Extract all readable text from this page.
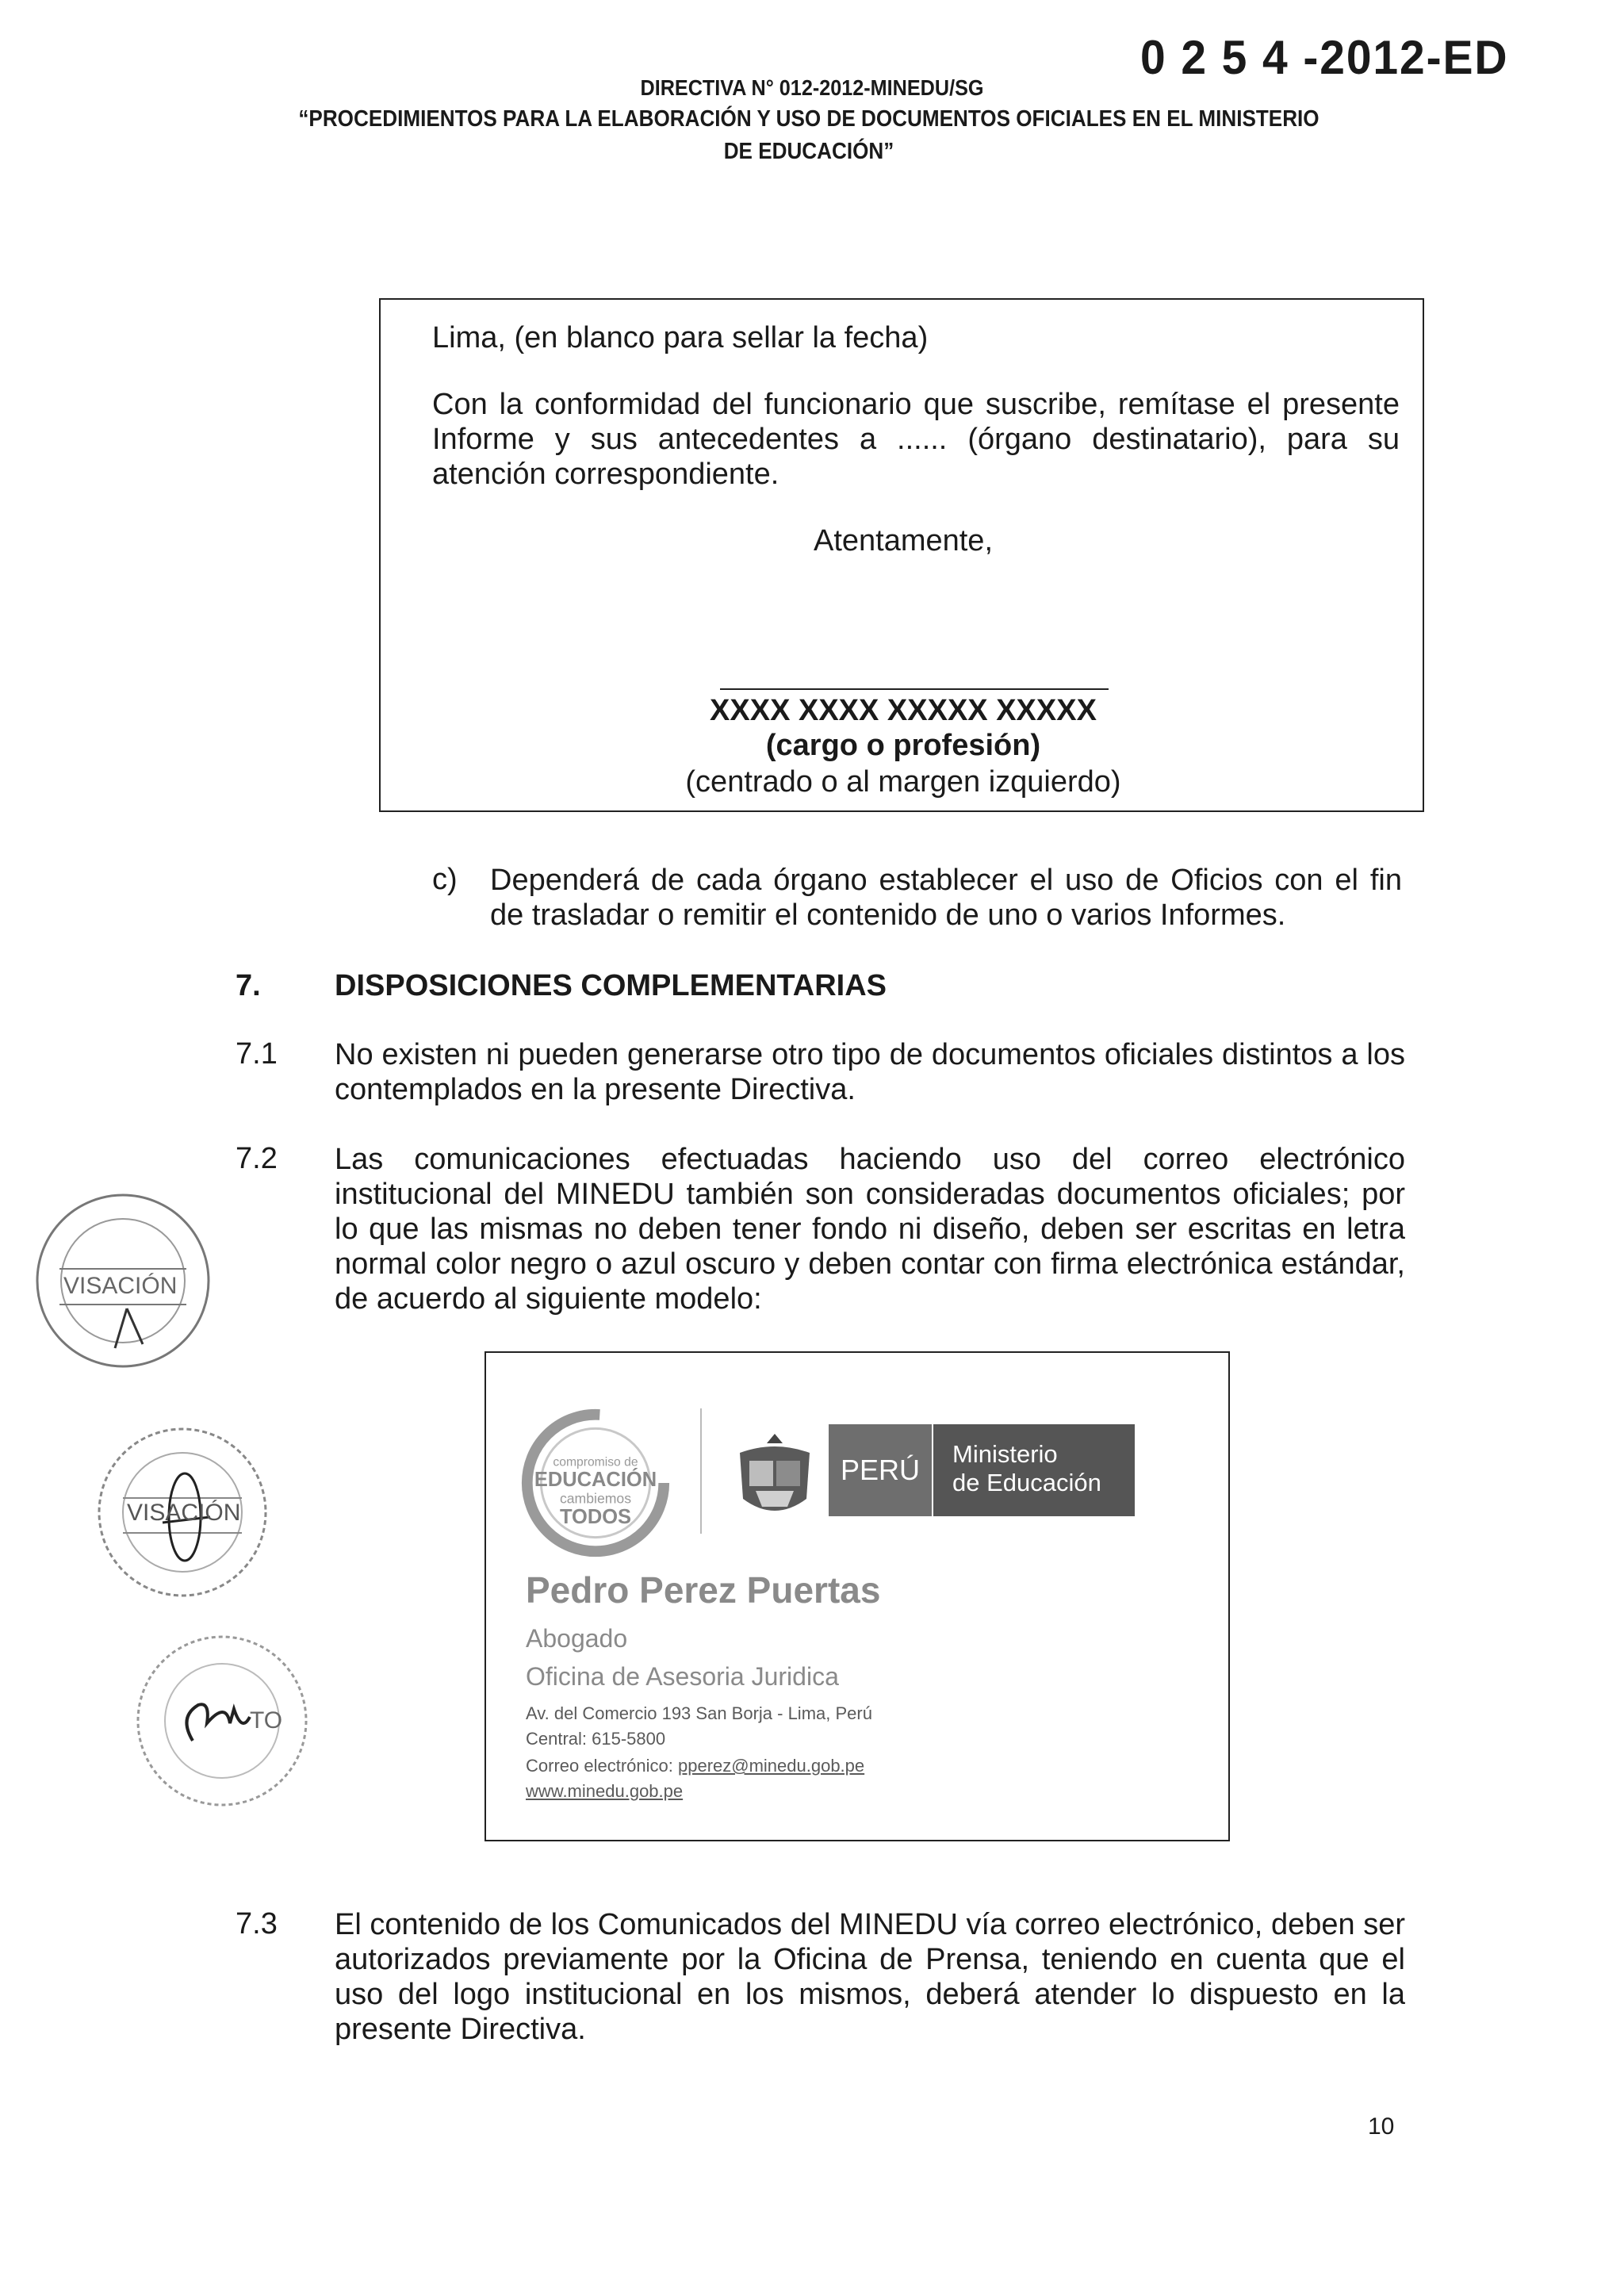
0 2 5 4 -2012-ED
DIRECTIVA N° 012-2012-MINEDU/SG
“PROCEDIMIENTOS PARA LA ELABORACIÓN Y USO DE DOCUMENTOS OFICIALES EN EL MINISTERIO DE EDUCACIÓN”
Lima, (en blanco para sellar la fecha)
Con la conformidad del funcionario que suscribe, remítase el presente Informe y sus antecedentes a ...... (órgano destinatario), para su atención correspondiente.
Atentamente,
XXXX XXXX XXXXX XXXXX
(cargo o profesión)
(centrado o al margen izquierdo)
c) Dependerá de cada órgano establecer el uso de Oficios con el fin de trasladar o remitir el contenido de uno o varios Informes.
7. DISPOSICIONES COMPLEMENTARIAS
7.1 No existen ni pueden generarse otro tipo de documentos oficiales distintos a los contemplados en la presente Directiva.
7.2 Las comunicaciones efectuadas haciendo uso del correo electrónico institucional del MINEDU también son consideradas documentos oficiales; por lo que las mismas no deben tener fondo ni diseño, deben ser escritas en letra normal color negro o azul oscuro y deben contar con firma electrónica estándar, de acuerdo al siguiente modelo:
compromiso de
EDUCACIÓN
cambiemos
TODOS
PERÚ	Ministerio
de Educación
Pedro Perez Puertas
Abogado
Oficina de Asesoria Juridica
Av. del Comercio 193 San Borja - Lima, Perú
Central: 615-5800
Correo electrónico: pperez@minedu.gob.pe
www.minedu.gob.pe
7.3 El contenido de los Comunicados del MINEDU vía correo electrónico, deben ser autorizados previamente por la Oficina de Prensa, teniendo en cuenta que el uso del logo institucional en los mismos, deberá atender lo dispuesto en la presente Directiva.
VISACIÓN
VISACIÓN
TO
10
